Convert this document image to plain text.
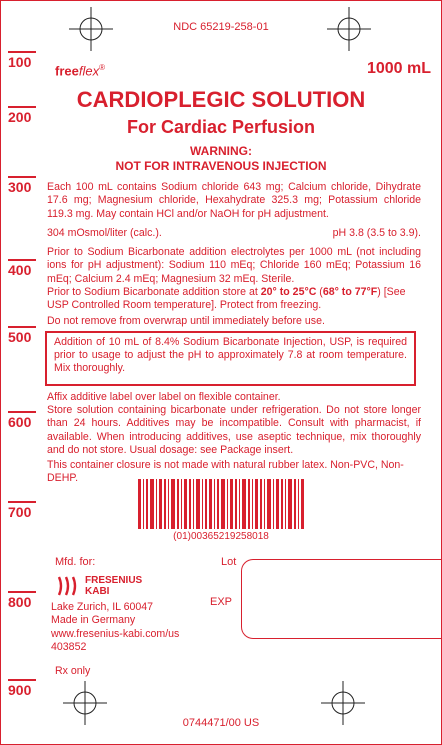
NDC 65219-258-01
100
200
300
400
500
600
700
800
900
freeflex®	1000 mL
CARDIOPLEGIC SOLUTION
For Cardiac Perfusion
WARNING:
NOT FOR INTRAVENOUS INJECTION
Each 100 mL contains Sodium chloride 643 mg; Calcium chloride, Dihydrate 17.6 mg; Magnesium chloride, Hexahydrate 325.3 mg; Potassium chloride 119.3 mg. May contain HCl and/or NaOH for pH adjustment.
304 mOsmol/liter (calc.).	pH 3.8 (3.5 to 3.9).
Prior to Sodium Bicarbonate addition electrolytes per 1000 mL (not including ions for pH adjustment): Sodium 110 mEq; Chloride 160 mEq; Potassium 16 mEq; Calcium 2.4 mEq; Magnesium 32 mEq. Sterile.
Prior to Sodium Bicarbonate addition store at 20° to 25°C (68° to 77°F) [See USP Controlled Room temperature]. Protect from freezing.
Do not remove from overwrap until immediately before use.

Addition of 10 mL of 8.4% Sodium Bicarbonate Injection, USP, is required prior to usage to adjust the pH to approximately 7.8 at room temperature. Mix thoroughly.

Affix additive label over label on flexible container.
Store solution containing bicarbonate under refrigeration. Do not store longer than 24 hours. Additives may be incompatible. Consult with pharmacist, if available. When introducing additives, use aseptic technique, mix thoroughly and do not store. Usual dosage: see Package insert.
This container closure is not made with natural rubber latex. Non-PVC, Non-DEHP.
(01)00365219258018
Mfd. for:	Lot
EXP
FRESENIUS
KABI
Lake Zurich, IL 60047
Made in Germany
www.fresenius-kabi.com/us
403852
Rx only
0744471/00 US
